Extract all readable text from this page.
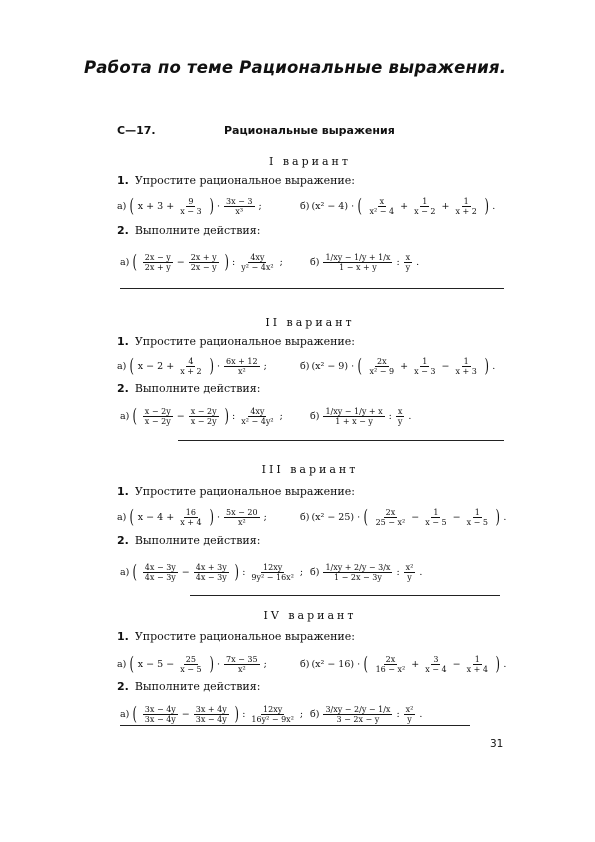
Работа по теме Рациональные выражения.
С—17.	Рациональные выражения
I вариант
1. Упростите рациональное выражение:
а) ( $x + 3 + \frac{9}{x - 3}$ ) · $\frac{3x - 3}{\text{x³}}$ ;	б) (x² − 4) · ( $\frac{x}{\text{x² − 4}} + \frac{1}{x - 2} + \frac{1}{x + 2}$ ) .
2. Выполните действия:
а) ( $\frac{2x - y}{2x + y} - \frac{2x + y}{2x - y}$ ) : $\frac{4xy}{\text{y² − 4x²}}$ ;	$б) \frac{1/xy - 1/y + 1/x}{1 - x + y}$ : $\frac{x}{y}$ .
II вариант
1. Упростите рациональное выражение:
а) ( $x - 2 + \frac{4}{x + 2}$ ) · $\frac{6x + 12}{\text{x²}}$ ;	б) (x² − 9) · ( $\frac{2x}{\text{x² − 9}} + \frac{1}{x - 3} - \frac{1}{x + 3}$ ) .
2. Выполните действия:
а) ( $\frac{x - 2y}{x - 2y} - \frac{x - 2y}{x - 2y}$ ) : $\frac{4xy}{\text{x² − 4y²}}$ ;	$б) \frac{1/xy - 1/y + x}{1 + x - y}$ : $\frac{x}{y}$ .
III вариант
1. Упростите рациональное выражение:
а) ( $x - 4 + \frac{16}{x + 4}$ ) · $\frac{5x - 20}{\text{x²}}$ ;	б) (x² − 25) · ( $\frac{2x}{\text{25 − x²}} - \frac{1}{x - 5} - \frac{1}{x - 5}$ ) .
2. Выполните действия:
а) ( $\frac{4x - 3y}{4x - 3y} - \frac{4x + 3y}{4x - 3y}$ ) : $\frac{12xy}{\text{9y² − 16x²}}$ ; $б) \frac{1/xy + 2/y - 3/x}{1 - 2x - 3y}$ : $\frac{\text{x²}}{y}$ .
IV вариант
1. Упростите рациональное выражение:
а) ( $x - 5 - \frac{25}{x - 5}$ ) · $\frac{7x - 35}{\text{x²}}$ ;	б) (x² − 16) · ( $\frac{2x}{\text{16 − x²}} + \frac{3}{x - 4} - \frac{1}{x + 4}$ ) .
2. Выполните действия:
а) ( $\frac{3x - 4y}{3x - 4y} - \frac{3x + 4y}{3x - 4y}$ ) : $\frac{12xy}{\text{16y² − 9x²}}$ ; $б) \frac{3/xy - 2/y - 1/x}{3 - 2x - y}$ : $\frac{\text{x²}}{y}$ .
31
